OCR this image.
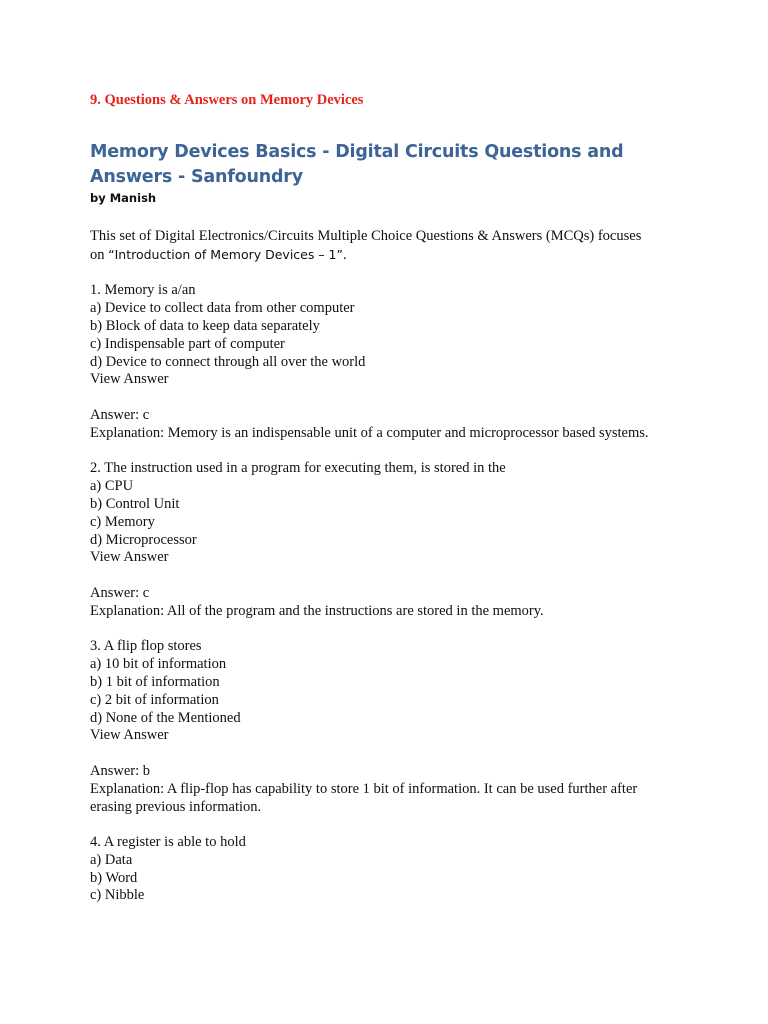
9. Questions & Answers on Memory Devices
Memory Devices Basics - Digital Circuits Questions and Answers - Sanfoundry
by Manish

This set of Digital Electronics/Circuits Multiple Choice Questions & Answers (MCQs) focuses

on “Introduction of Memory Devices – 1”.

1. Memory is a/an

a) Device to collect data from other computer

b) Block of data to keep data separately

c) Indispensable part of computer

d) Device to connect through all over the world

View Answer

Answer: c

Explanation: Memory is an indispensable unit of a computer and microprocessor based systems.

2. The instruction used in a program for executing them, is stored in the

a) CPU

b) Control Unit

c) Memory

d) Microprocessor

View Answer

Answer: c

Explanation: All of the program and the instructions are stored in the memory.

3. A flip flop stores

a) 10 bit of information

b) 1 bit of information

c) 2 bit of information

d) None of the Mentioned

View Answer

Answer: b

Explanation: A flip-flop has capability to store 1 bit of information. It can be used further after

erasing previous information.

4. A register is able to hold

a) Data

b) Word

c) Nibble
